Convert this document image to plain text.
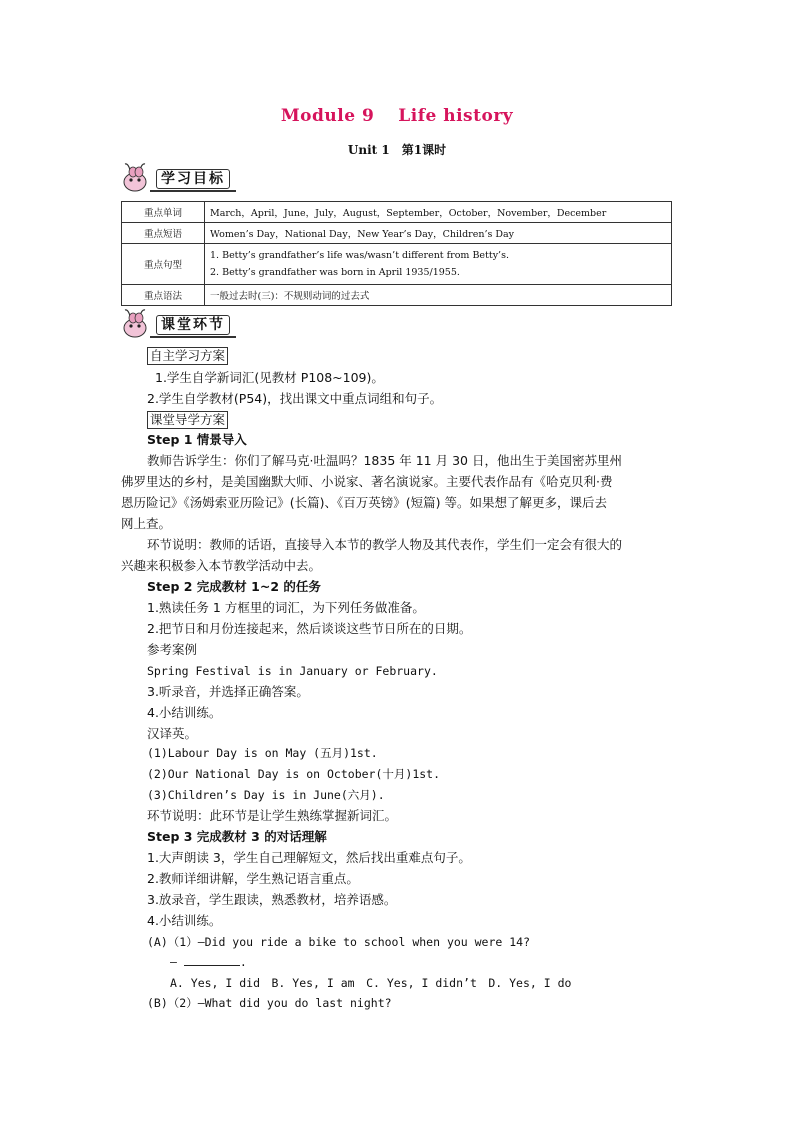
Module 9 Life history
Unit 1　第1课时
学习目标
重点单词	March，April，June，July，August，September，October，November，December
重点短语	Women’s Day，National Day，New Year’s Day，Children’s Day
重点句型	1. Betty’s grandfather’s life was/wasn’t different from Betty’s.
2. Betty’s grandfather was born in April 1935/1955.

重点语法	一般过去时(三)：不规则动词的过去式
课堂环节
自主学习方案
1.学生自学新词汇(见教材 P108~109)。
2.学生自学教材(P54)，找出课文中重点词组和句子。
课堂导学方案
Step 1 情景导入
教师告诉学生：你们了解马克·吐温吗？1835 年 11 月 30 日，他出生于美国密苏里州
佛罗里达的乡村，是美国幽默大师、小说家、著名演说家。主要代表作品有《哈克贝利·费
恩历险记》《汤姆索亚历险记》(长篇)、《百万英镑》(短篇) 等。如果想了解更多，课后去
网上查。
环节说明：教师的话语，直接导入本节的教学人物及其代表作，学生们一定会有很大的
兴趣来积极参入本节教学活动中去。
Step 2 完成教材 1~2 的任务
1.熟读任务 1 方框里的词汇，为下列任务做准备。
2.把节日和月份连接起来，然后谈谈这些节日所在的日期。
参考案例
Spring Festival is in January or February.
3.听录音，并选择正确答案。
4.小结训练。
汉译英。
(1)Labour Day is on May (五月)1st.
(2)Our National Day is on October(十月)1st.
(3)Children’s Day is in June(六月).
环节说明：此环节是让学生熟练掌握新词汇。
Step 3 完成教材 3 的对话理解
1.大声朗读 3，学生自己理解短文，然后找出重难点句子。
2.教师详细讲解，学生熟记语言重点。
3.放录音，学生跟读，熟悉教材，培养语感。
4.小结训练。
(A)（1）—Did you ride a bike to school when you were 14?
—	.
A. Yes, I did　B. Yes, I am　C. Yes, I didn’t　D. Yes, I do
(B)（2）—What did you do last night?
